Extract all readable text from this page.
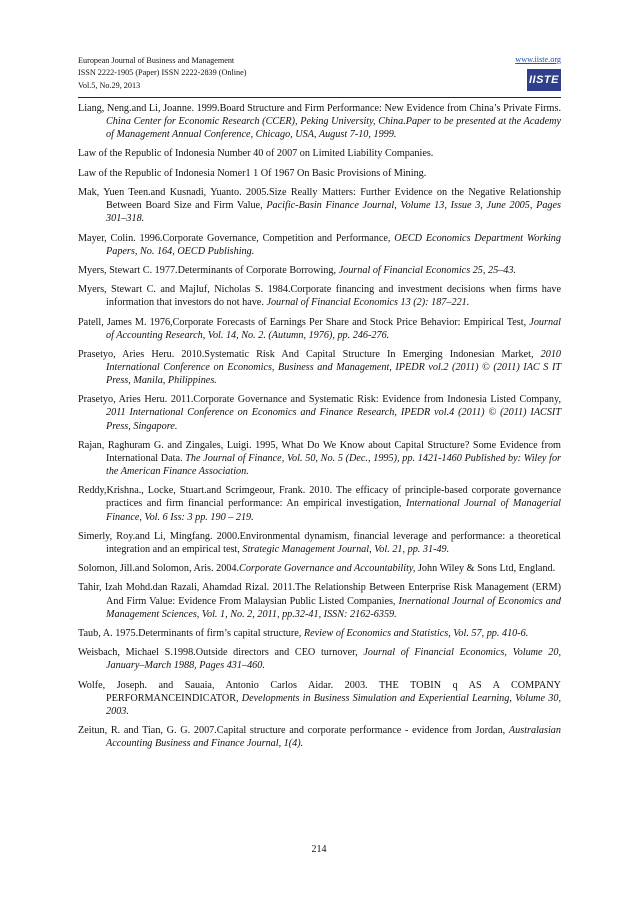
European Journal of Business and Management
ISSN 2222-1905 (Paper) ISSN 2222-2839 (Online)
Vol.5, No.29, 2013
www.iiste.org
IISTE
Liang, Neng.and Li, Joanne. 1999.Board Structure and Firm Performance: New Evidence from China’s Private Firms. China Center for Economic Research (CCER), Peking University, China.Paper to be presented at the Academy of Management Annual Conference, Chicago, USA, August 7-10, 1999.
Law of the Republic of Indonesia Number 40 of 2007 on Limited Liability Companies.
Law of the Republic of Indonesia Nomer1 1 Of 1967 On Basic Provisions of Mining.
Mak, Yuen Teen.and Kusnadi, Yuanto. 2005.Size Really Matters: Further Evidence on the Negative Relationship Between Board Size and Firm Value, Pacific-Basin Finance Journal, Volume 13, Issue 3, June 2005, Pages 301–318.
Mayer, Colin. 1996.Corporate Governance, Competition and Performance, OECD Economics Department Working Papers, No. 164, OECD Publishing.
Myers, Stewart C. 1977.Determinants of Corporate Borrowing, Journal of Financial Economics 25, 25–43.
Myers, Stewart C. and Majluf, Nicholas S. 1984.Corporate financing and investment decisions when firms have information that investors do not have. Journal of Financial Economics 13 (2): 187–221.
Patell, James M. 1976,Corporate Forecasts of Earnings Per Share and Stock Price Behavior: Empirical Test, Journal of Accounting Research, Vol. 14, No. 2. (Autumn, 1976), pp. 246-276.
Prasetyo, Aries Heru. 2010.Systematic Risk And Capital Structure In Emerging Indonesian Market, 2010 International Conference on Economics, Business and Management, IPEDR vol.2 (2011) © (2011) IAC S IT Press, Manila, Philippines.
Prasetyo, Aries Heru. 2011.Corporate Governance and Systematic Risk: Evidence from Indonesia Listed Company, 2011 International Conference on Economics and Finance Research, IPEDR vol.4 (2011) © (2011) IACSIT Press, Singapore.
Rajan, Raghuram G. and Zingales, Luigi. 1995, What Do We Know about Capital Structure? Some Evidence from International Data. The Journal of Finance, Vol. 50, No. 5 (Dec., 1995), pp. 1421-1460 Published by: Wiley for the American Finance Association.
Reddy,Krishna., Locke, Stuart.and Scrimgeour, Frank. 2010. The efficacy of principle-based corporate governance practices and firm financial performance: An empirical investigation, International Journal of Managerial Finance, Vol. 6 Iss: 3 pp. 190 – 219.
Simerly, Roy.and Li, Mingfang. 2000.Environmental dynamism, financial leverage and performance: a theoretical integration and an empirical test, Strategic Management Journal, Vol. 21, pp. 31-49.
Solomon, Jill.and Solomon, Aris. 2004.Corporate Governance and Accountability, John Wiley & Sons Ltd, England.
Tahir, Izah Mohd.dan Razali, Ahamdad Rizal. 2011.The Relationship Between Enterprise Risk Management (ERM) And Firm Value: Evidence From Malaysian Public Listed Companies, Inernational Journal of Economics and Management Sciences, Vol. 1, No. 2, 2011, pp.32-41, ISSN: 2162-6359.
Taub, A. 1975.Determinants of firm’s capital structure, Review of Economics and Statistics, Vol. 57, pp. 410-6.
Weisbach, Michael S.1998.Outside directors and CEO turnover, Journal of Financial Economics, Volume 20, January–March 1988, Pages 431–460.
Wolfe, Joseph. and Sauaia, Antonio Carlos Aidar. 2003. THE TOBIN q AS A COMPANY PERFORMANCEINDICATOR, Developments in Business Simulation and Experiential Learning, Volume 30, 2003.
Zeitun, R. and Tian, G. G. 2007.Capital structure and corporate performance - evidence from Jordan, Australasian Accounting Business and Finance Journal, 1(4).
214
